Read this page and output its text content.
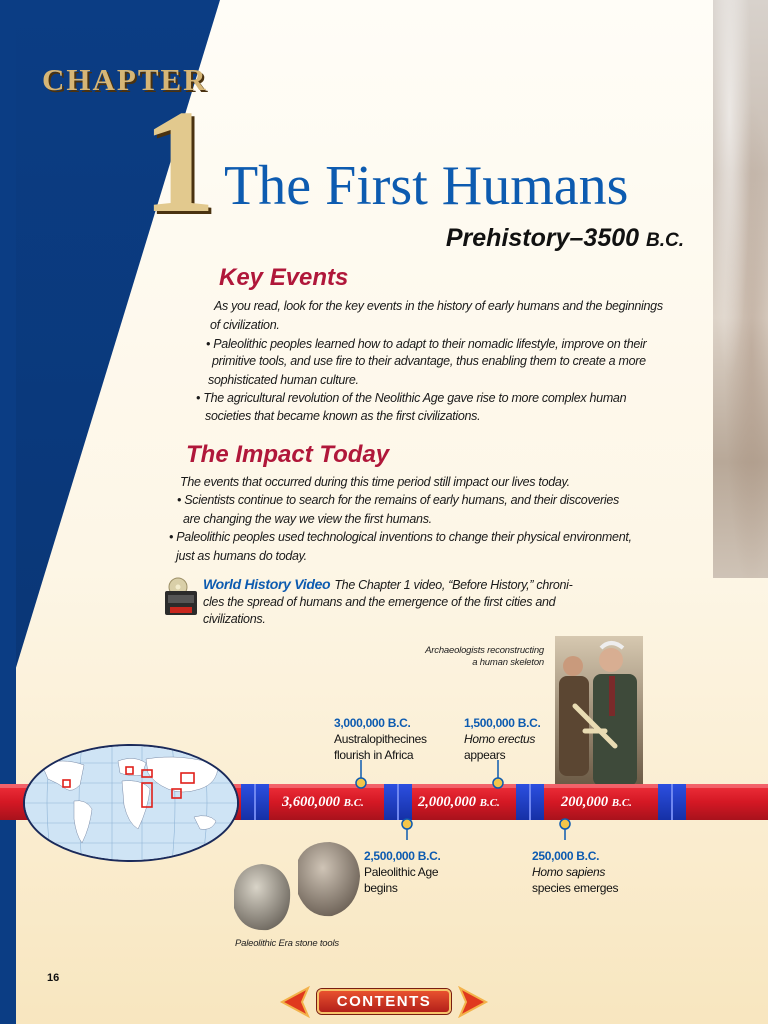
CHAPTER
1 The First Humans
Prehistory–3500 B.C.
Key Events
As you read, look for the key events in the history of early humans and the beginnings
of civilization.
• Paleolithic peoples learned how to adapt to their nomadic lifestyle, improve on their
primitive tools, and use fire to their advantage, thus enabling them to create a more
sophisticated human culture.
• The agricultural revolution of the Neolithic Age gave rise to more complex human
societies that became known as the first civilizations.
The Impact Today
The events that occurred during this time period still impact our lives today.
• Scientists continue to search for the remains of early humans, and their discoveries
are changing the way we view the first humans.
• Paleolithic peoples used technological inventions to change their physical environment,
just as humans do today.
World History Video The Chapter 1 video, “Before History,” chroni-
cles the spread of humans and the emergence of the first cities and civilizations.
Archaeologists reconstructing
a human skeleton
3,000,000 B.C.
Australopithecines
flourish in Africa
1,500,000 B.C.
Homo erectus
appears
3,600,000 B.C.	2,000,000 B.C.	200,000 B.C.
2,500,000 B.C.
Paleolithic Age
begins
250,000 B.C.
Homo sapiens
species emerges
Paleolithic Era stone tools
16
CONTENTS
